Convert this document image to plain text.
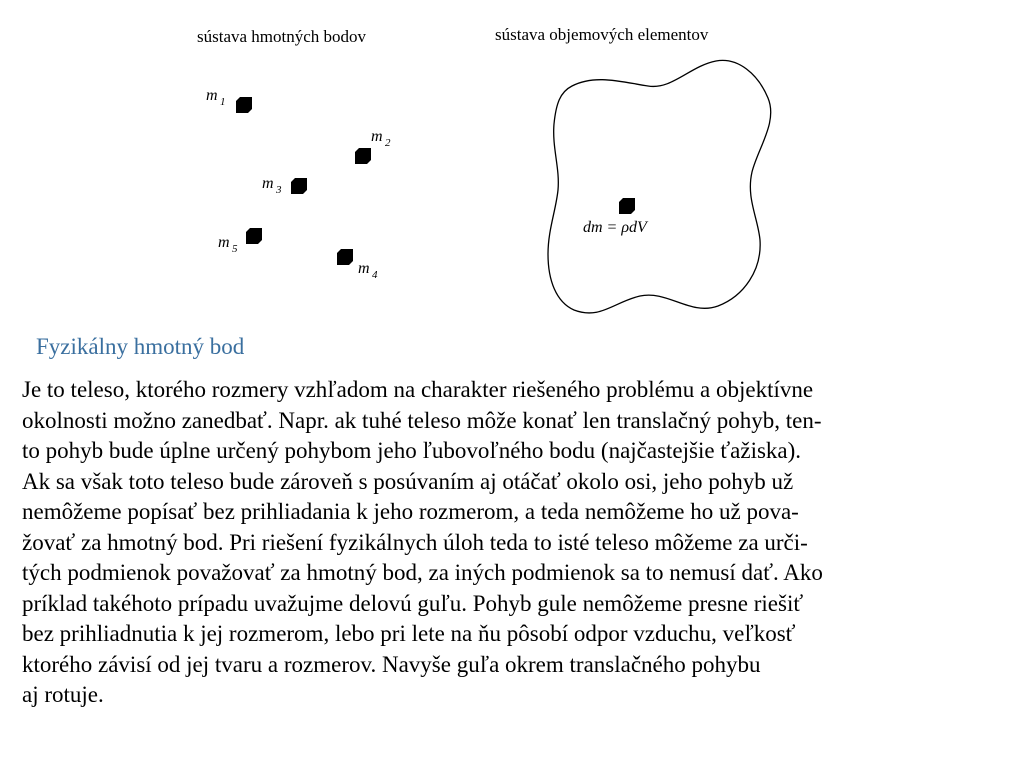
sústava hmotných bodov	sústava objemových elementov
m 1
m 2
m 3
m 5
m 4
dm = ρdV
Fyzikálny hmotný bod

Je to teleso, ktorého rozmery vzhľadom na charakter riešeného problému a objektívne
okolnosti možno zanedbať. Napr. ak tuhé teleso môže konať len translačný pohyb, ten-
to pohyb bude úplne určený pohybom jeho ľubovoľného bodu (najčastejšie ťažiska).
Ak sa však toto teleso bude zároveň s posúvaním aj otáčať okolo osi, jeho pohyb už
nemôžeme popísať bez prihliadania k jeho rozmerom, a teda nemôžeme ho už pova-
žovať za hmotný bod. Pri riešení fyzikálnych úloh teda to isté teleso môžeme za urči-
tých podmienok považovať za hmotný bod, za iných podmienok sa to nemusí dať. Ako
príklad takéhoto prípadu uvažujme delovú guľu. Pohyb gule nemôžeme presne riešiť
bez prihliadnutia k jej rozmerom, lebo pri lete na ňu pôsobí odpor vzduchu, veľkosť
ktorého závisí od jej tvaru a rozmerov. Navyše guľa okrem translačného pohybu
aj rotuje.
